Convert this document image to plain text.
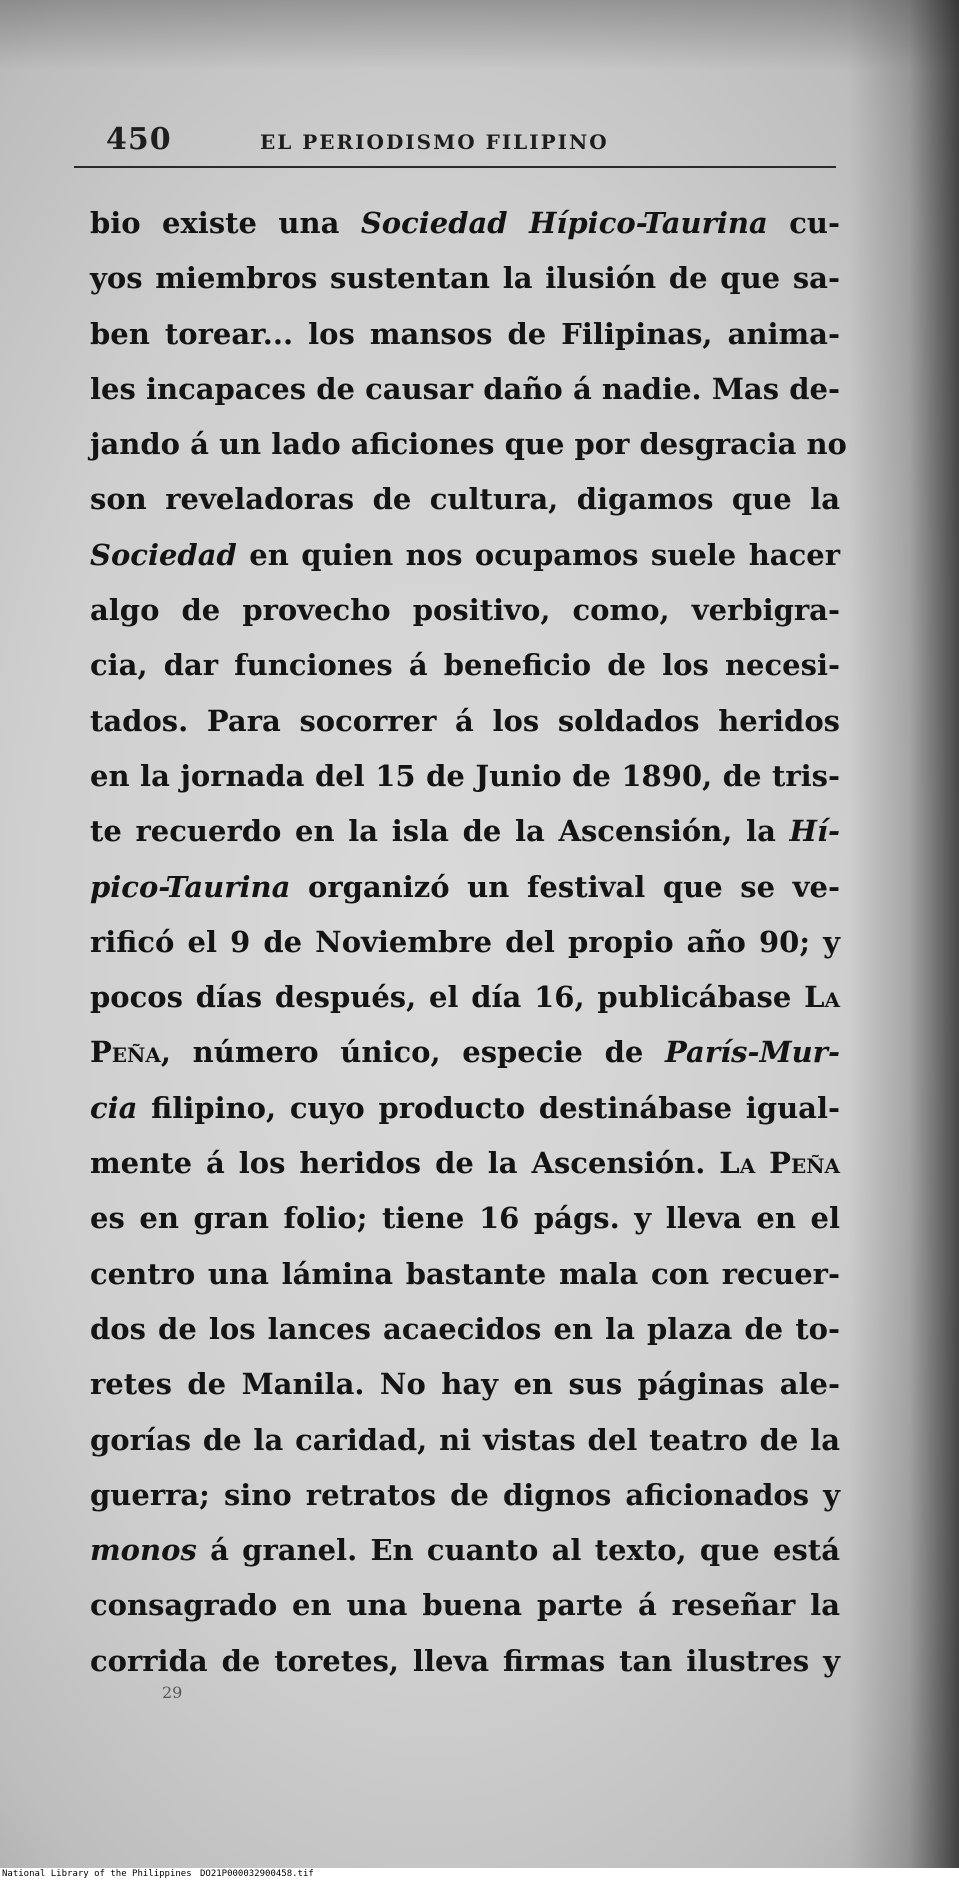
450	EL PERIODISMO FILIPINO
bio existe una Sociedad Hípico-Taurina cu-
yos miembros sustentan la ilusión de que sa-
ben torear... los mansos de Filipinas, anima-
les incapaces de causar daño á nadie. Mas de-
jando á un lado aficiones que por desgracia no
son reveladoras de cultura, digamos que la
Sociedad en quien nos ocupamos suele hacer
algo de provecho positivo, como, verbigra-
cia, dar funciones á beneficio de los necesi-
tados. Para socorrer á los soldados heridos
en la jornada del 15 de Junio de 1890, de tris-
te recuerdo en la isla de la Ascensión, la Hí-
pico-Taurina organizó un festival que se ve-
rificó el 9 de Noviembre del propio año 90; y
pocos días después, el día 16, publicábase La
Peña, número único, especie de París-Mur-
cia filipino, cuyo producto destinábase igual-
mente á los heridos de la Ascensión. La Peña
es en gran folio; tiene 16 págs. y lleva en el
centro una lámina bastante mala con recuer-
dos de los lances acaecidos en la plaza de to-
retes de Manila. No hay en sus páginas ale-
gorías de la caridad, ni vistas del teatro de la
guerra; sino retratos de dignos aficionados y
monos á granel. En cuanto al texto, que está
consagrado en una buena parte á reseñar la
corrida de toretes, lleva firmas tan ilustres y
29
National Library of the Philippines DO21P000032900458.tif
